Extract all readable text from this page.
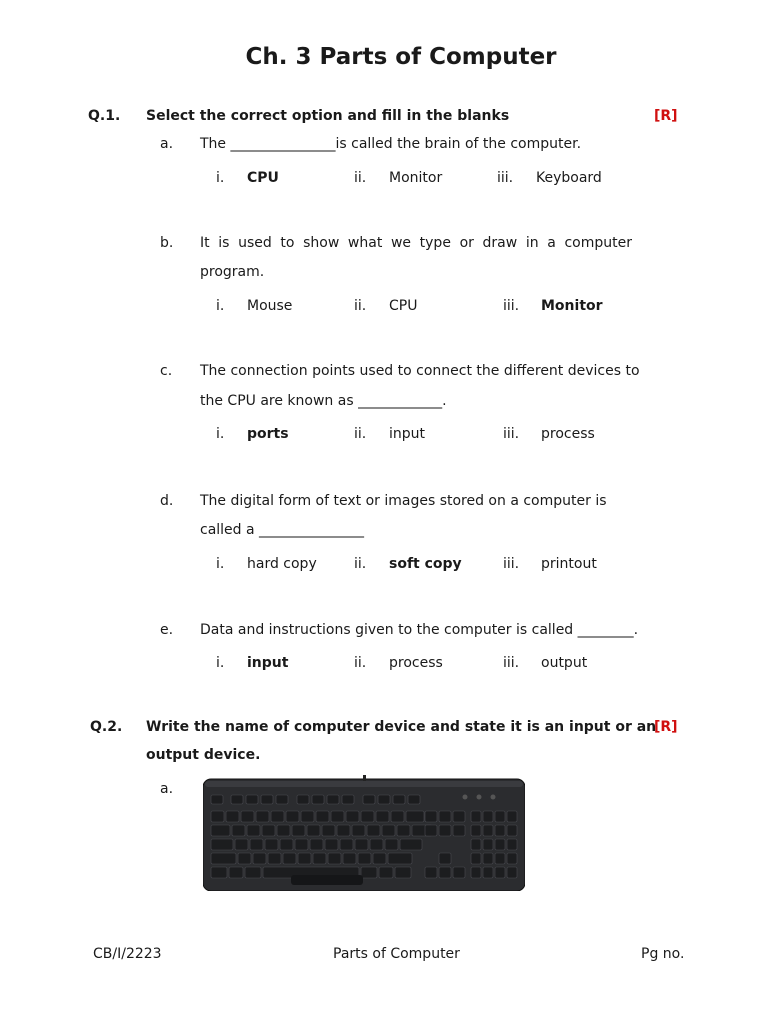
Ch. 3 Parts of Computer
Q.1. Select the correct option and fill in the blanks	[R]
a. The _______________is called the brain of the computer.
i. CPU	ii. Monitor	iii. Keyboard
b. It is used to show what we type or draw in a computer
program.
i. Mouse	ii. CPU	iii. Monitor
c. The connection points used to connect the different devices to
the CPU are known as ____________.
i. ports	ii. input	iii. process
d. The digital form of text or images stored on a computer is
called a _______________
i. hard copy	ii. soft copy	iii. printout
e. Data and instructions given to the computer is called ________.
i. input	ii. process	iii. output
Q.2. Write the name of computer device and state it is an input or an
output device.
[R]
a.
CB/I/2223	Parts of Computer	Pg no.
